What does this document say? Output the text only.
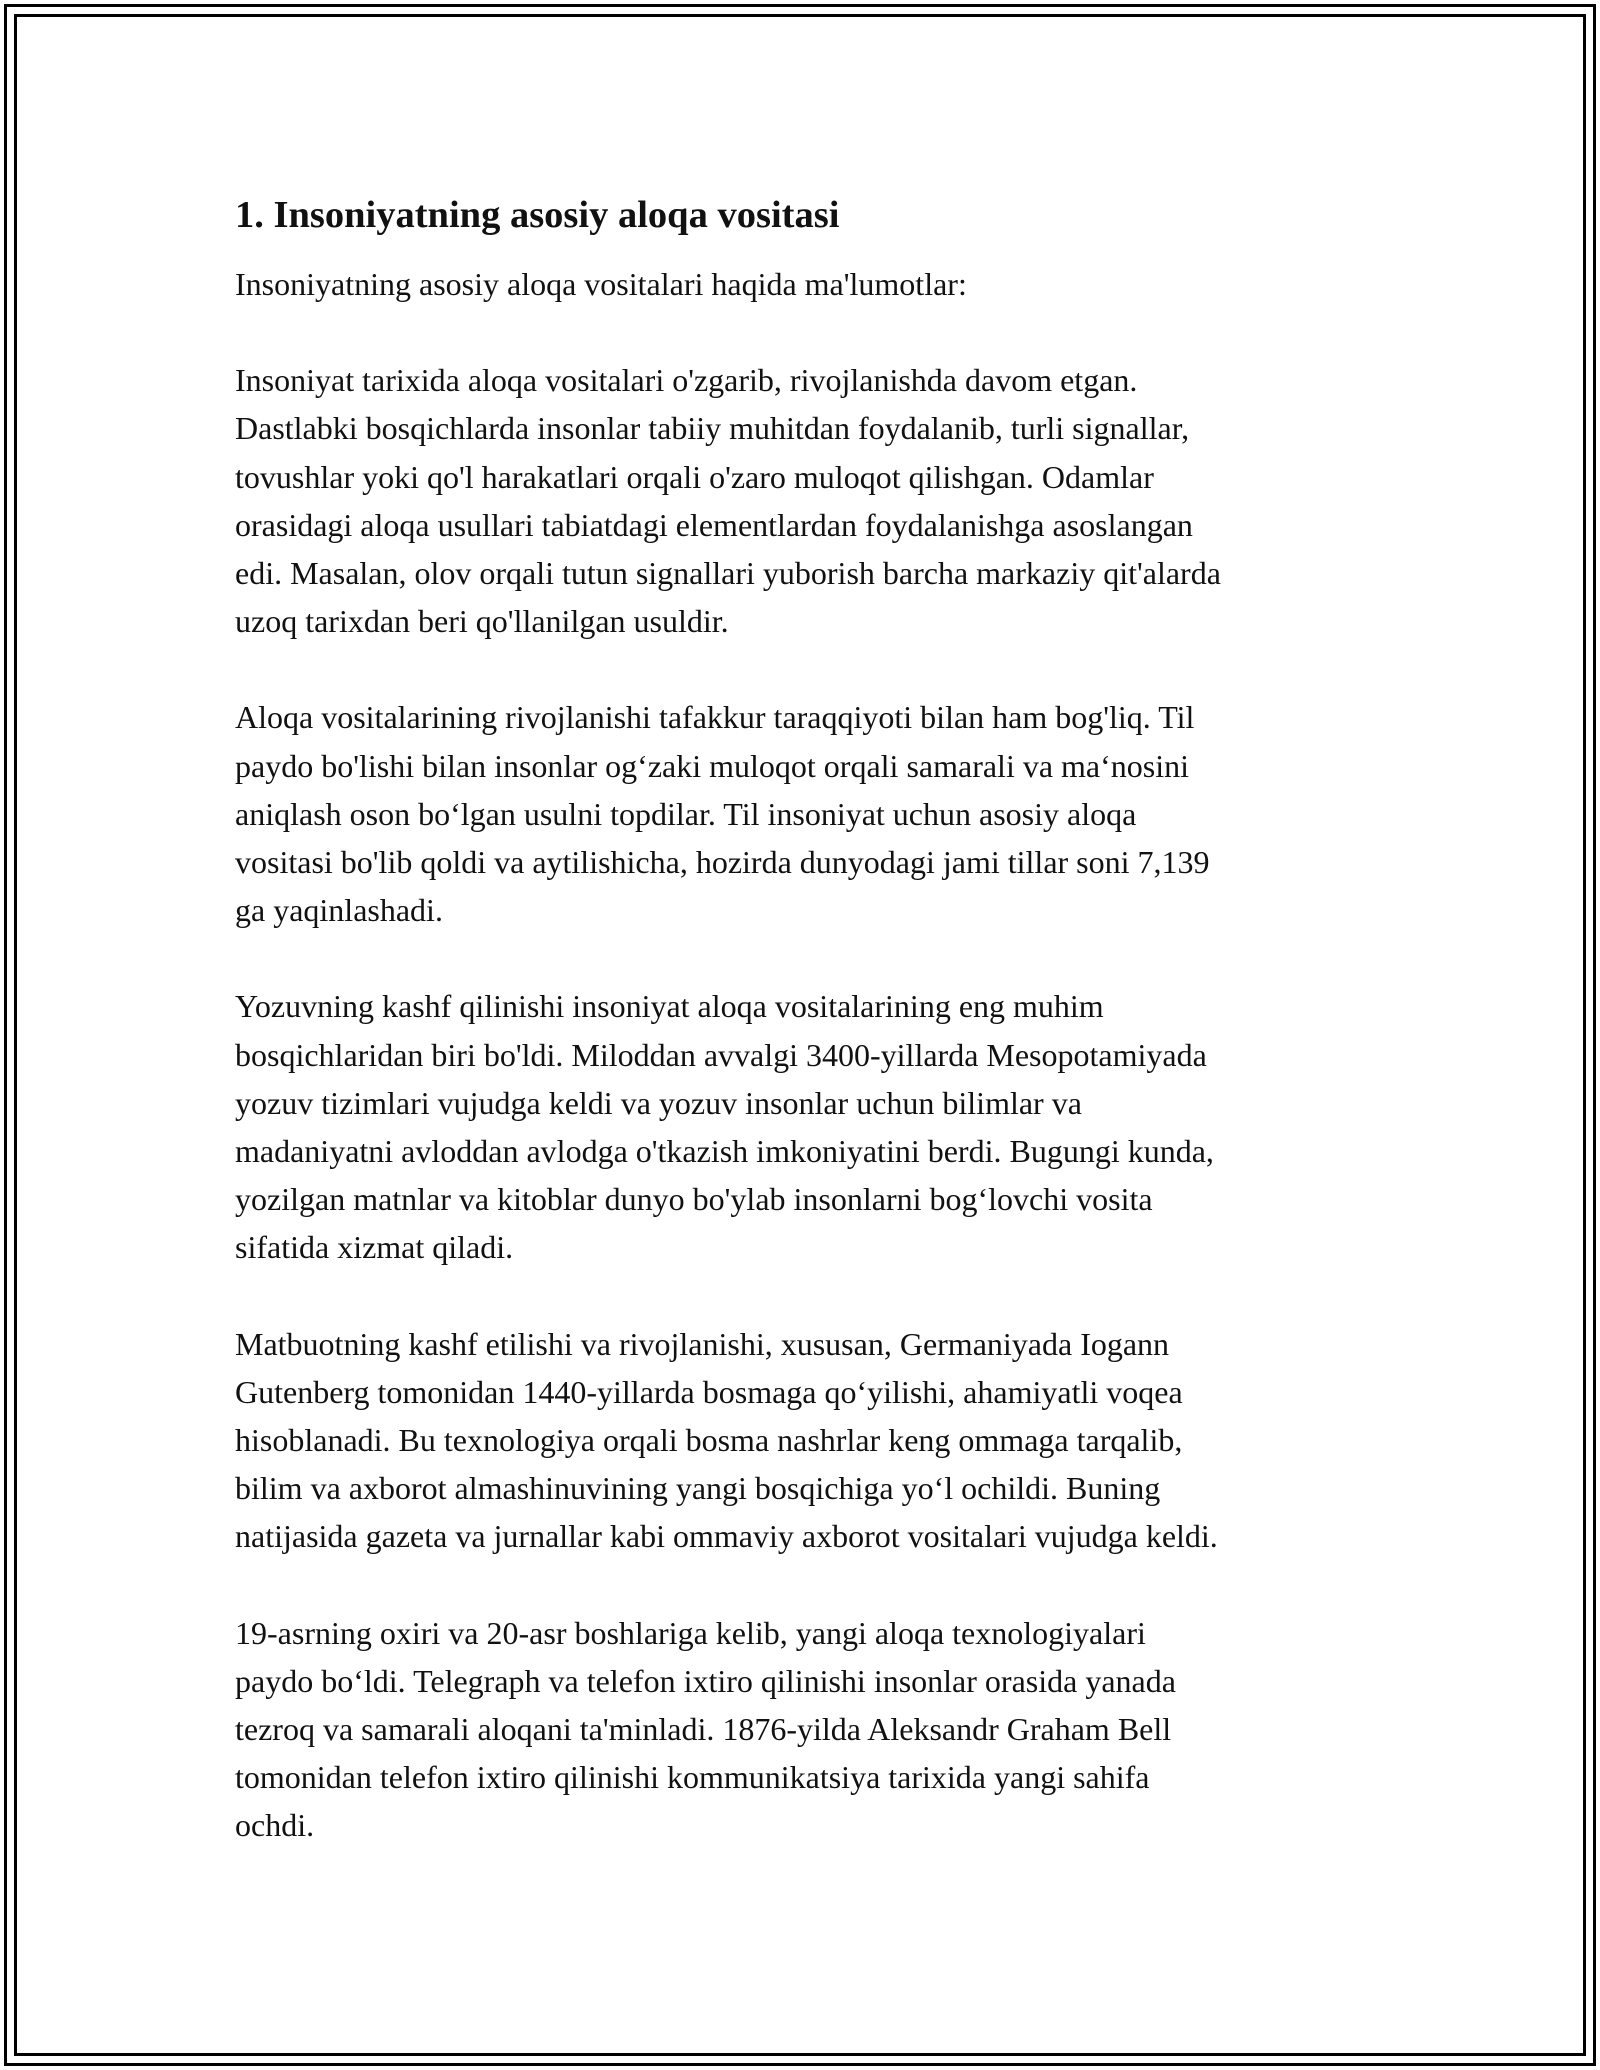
1. Insoniyatning asosiy aloqa vositasi

Insoniyatning asosiy aloqa vositalari haqida ma'lumotlar:

Insoniyat tarixida aloqa vositalari o'zgarib, rivojlanishda davom etgan.
Dastlabki bosqichlarda insonlar tabiiy muhitdan foydalanib, turli signallar,
tovushlar yoki qo'l harakatlari orqali o'zaro muloqot qilishgan. Odamlar
orasidagi aloqa usullari tabiatdagi elementlardan foydalanishga asoslangan
edi. Masalan, olov orqali tutun signallari yuborish barcha markaziy qit'alarda
uzoq tarixdan beri qo'llanilgan usuldir.

Aloqa vositalarining rivojlanishi tafakkur taraqqiyoti bilan ham bog'liq. Til
paydo bo'lishi bilan insonlar og‘zaki muloqot orqali samarali va ma‘nosini
aniqlash oson bo‘lgan usulni topdilar. Til insoniyat uchun asosiy aloqa
vositasi bo'lib qoldi va aytilishicha, hozirda dunyodagi jami tillar soni 7,139
ga yaqinlashadi.

Yozuvning kashf qilinishi insoniyat aloqa vositalarining eng muhim
bosqichlaridan biri bo'ldi. Miloddan avvalgi 3400-yillarda Mesopotamiyada
yozuv tizimlari vujudga keldi va yozuv insonlar uchun bilimlar va
madaniyatni avloddan avlodga o'tkazish imkoniyatini berdi. Bugungi kunda,
yozilgan matnlar va kitoblar dunyo bo'ylab insonlarni bog‘lovchi vosita
sifatida xizmat qiladi.

Matbuotning kashf etilishi va rivojlanishi, xususan, Germaniyada Iogann
Gutenberg tomonidan 1440-yillarda bosmaga qo‘yilishi, ahamiyatli voqea
hisoblanadi. Bu texnologiya orqali bosma nashrlar keng ommaga tarqalib,
bilim va axborot almashinuvining yangi bosqichiga yo‘l ochildi. Buning
natijasida gazeta va jurnallar kabi ommaviy axborot vositalari vujudga keldi.

19-asrning oxiri va 20-asr boshlariga kelib, yangi aloqa texnologiyalari
paydo bo‘ldi. Telegraph va telefon ixtiro qilinishi insonlar orasida yanada
tezroq va samarali aloqani ta'minladi. 1876-yilda Aleksandr Graham Bell
tomonidan telefon ixtiro qilinishi kommunikatsiya tarixida yangi sahifa
ochdi.
